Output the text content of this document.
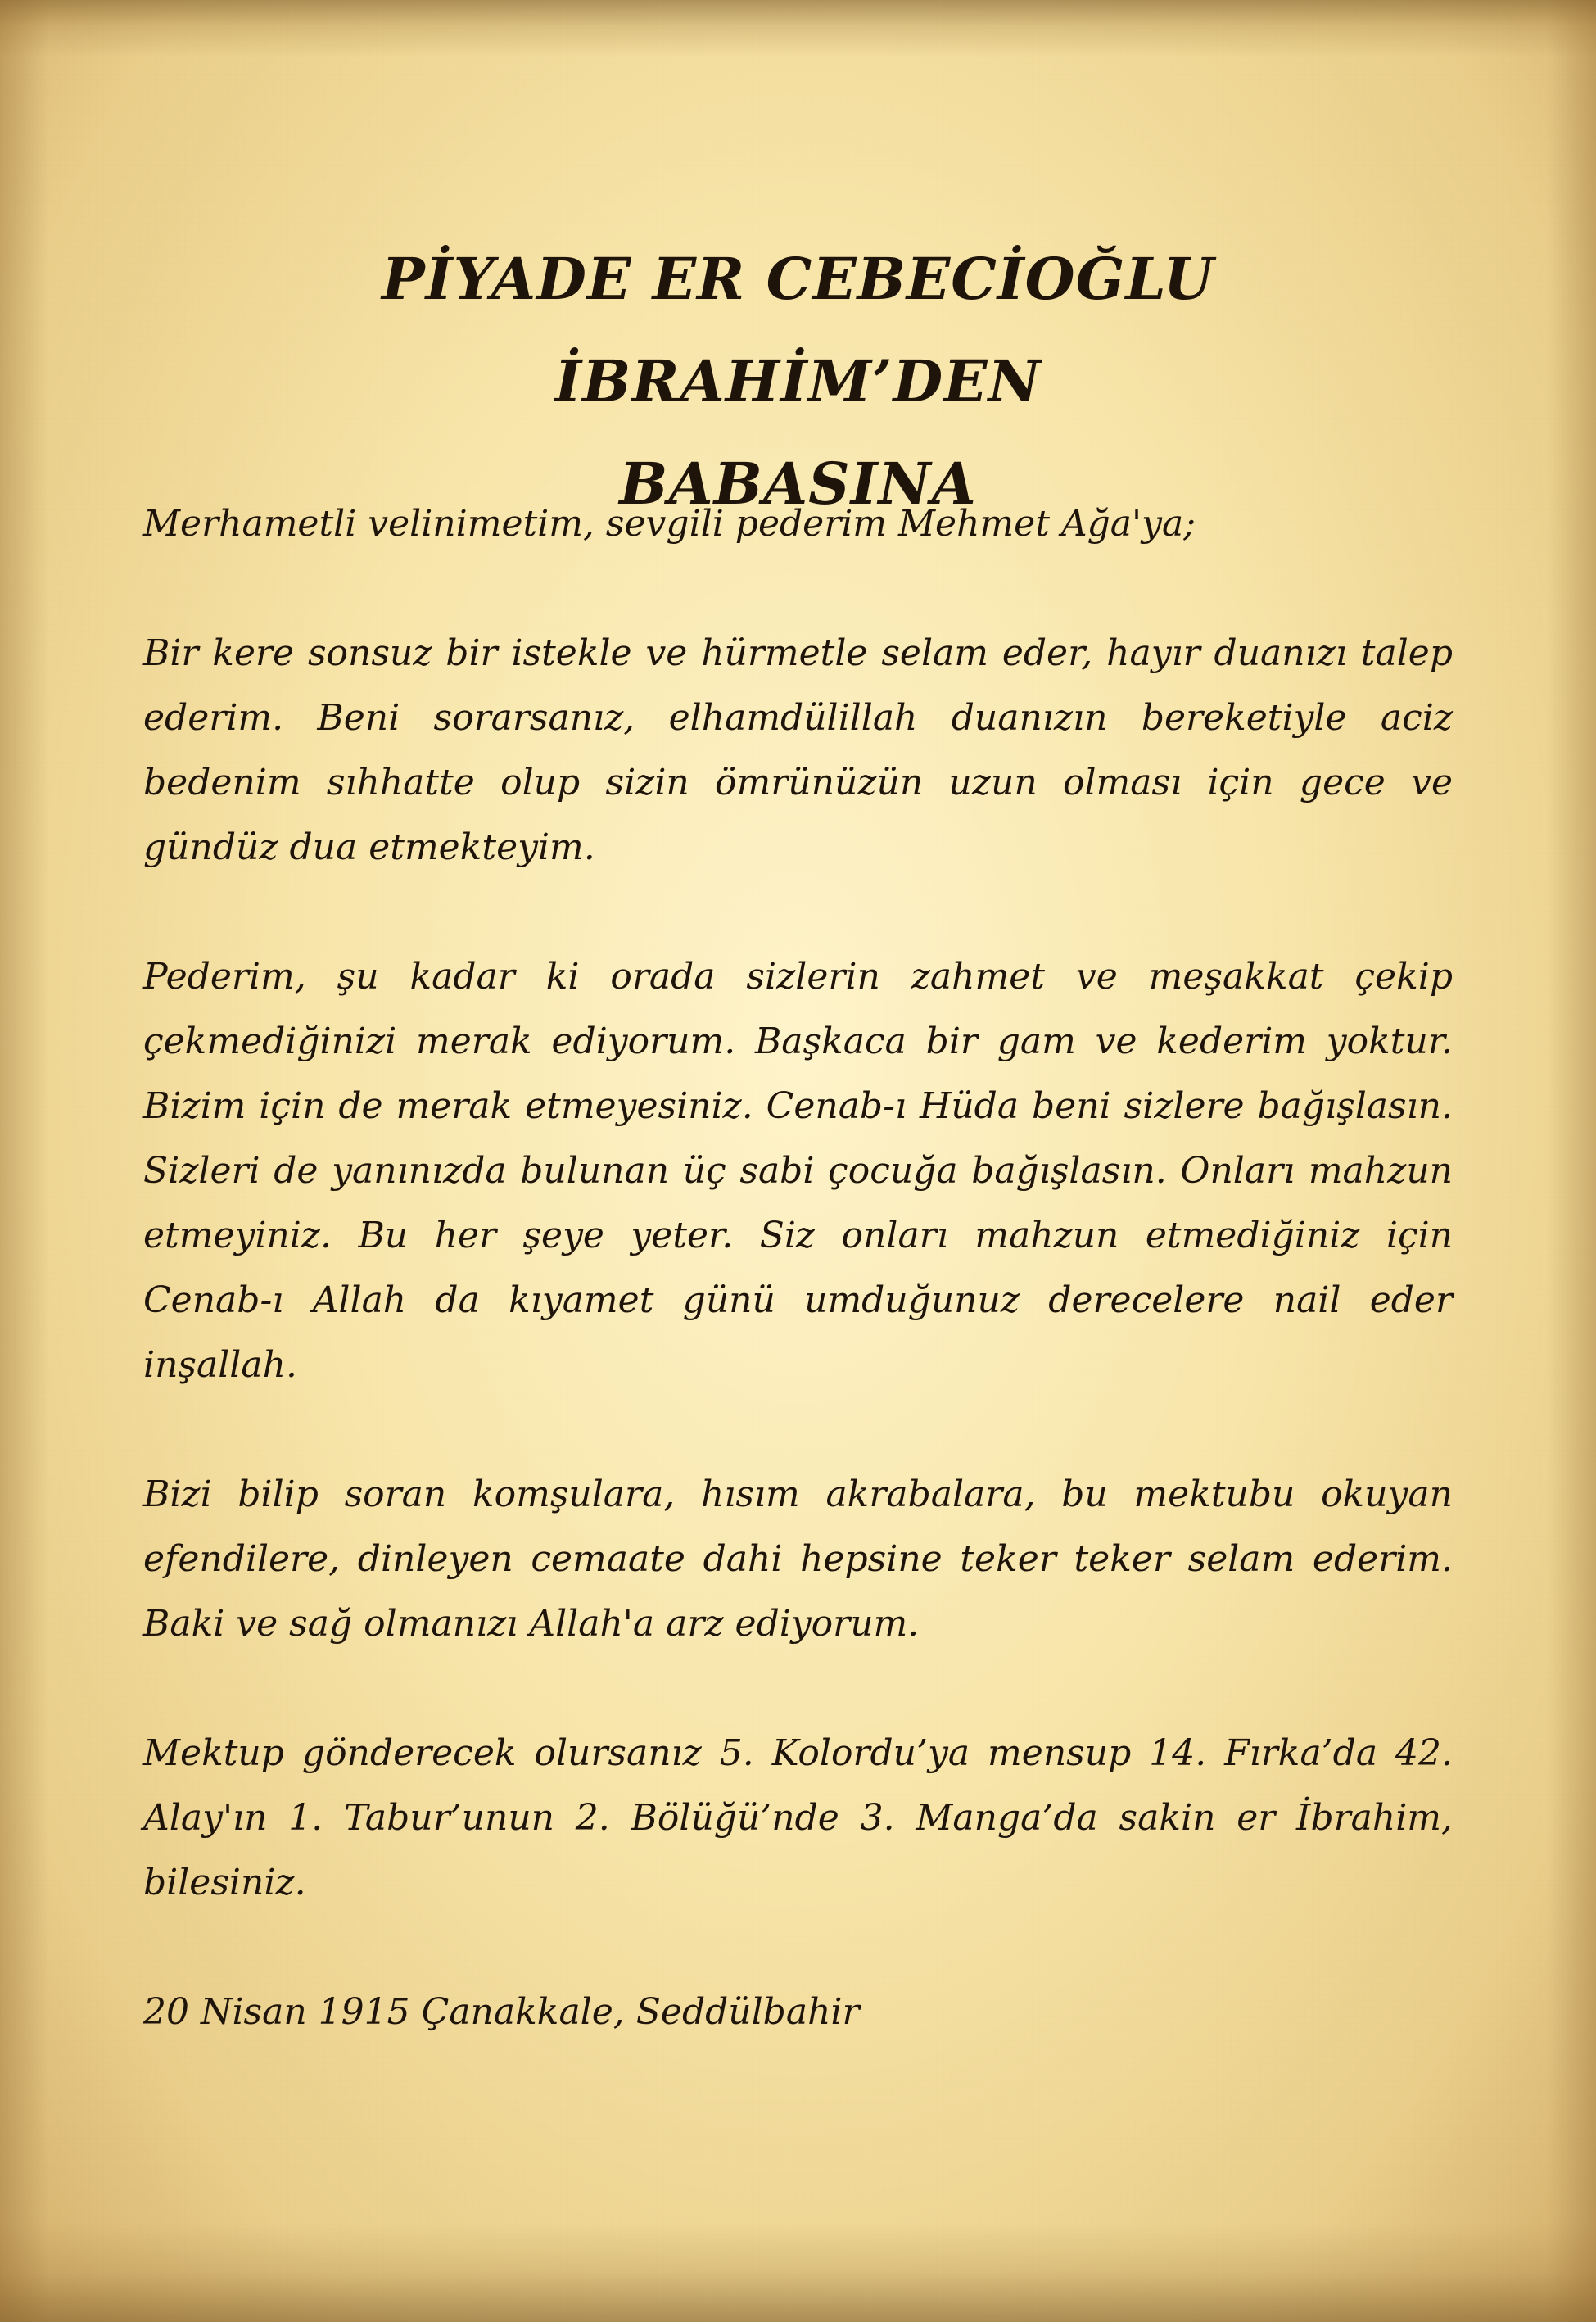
PİYADE ER CEBECİOĞLU İBRAHİM’DEN
BABASINA

Merhametli velinimetim, sevgili pederim Mehmet Ağa'ya;

Bir kere sonsuz bir istekle ve hürmetle selam eder, hayır duanızı talep ederim. Beni sorarsanız, elhamdülillah duanızın bereketiyle aciz bedenim sıhhatte olup sizin ömrünüzün uzun olması için gece ve gündüz dua etmekteyim.

Pederim, şu kadar ki orada sizlerin zahmet ve meşakkat çekip çekmediğinizi merak ediyorum. Başkaca bir gam ve kederim yoktur. Bizim için de merak etmeyesiniz. Cenab-ı Hüda beni sizlere bağışlasın. Sizleri de yanınızda bulunan üç sabi çocuğa bağışlasın. Onları mahzun etmeyiniz. Bu her şeye yeter. Siz onları mahzun etmediğiniz için Cenab-ı Allah da kıyamet günü umduğunuz derecelere nail eder inşallah.

Bizi bilip soran komşulara, hısım akrabalara, bu mektubu okuyan efendilere, dinleyen cemaate dahi hepsine teker teker selam ederim. Baki ve sağ olmanızı Allah'a arz ediyorum.

Mektup gönderecek olursanız 5. Kolordu’ya mensup 14. Fırka’da 42. Alay'ın 1. Tabur’unun 2. Bölüğü’nde 3. Manga’da sakin er İbrahim, bilesiniz.

20 Nisan 1915 Çanakkale, Seddülbahir
